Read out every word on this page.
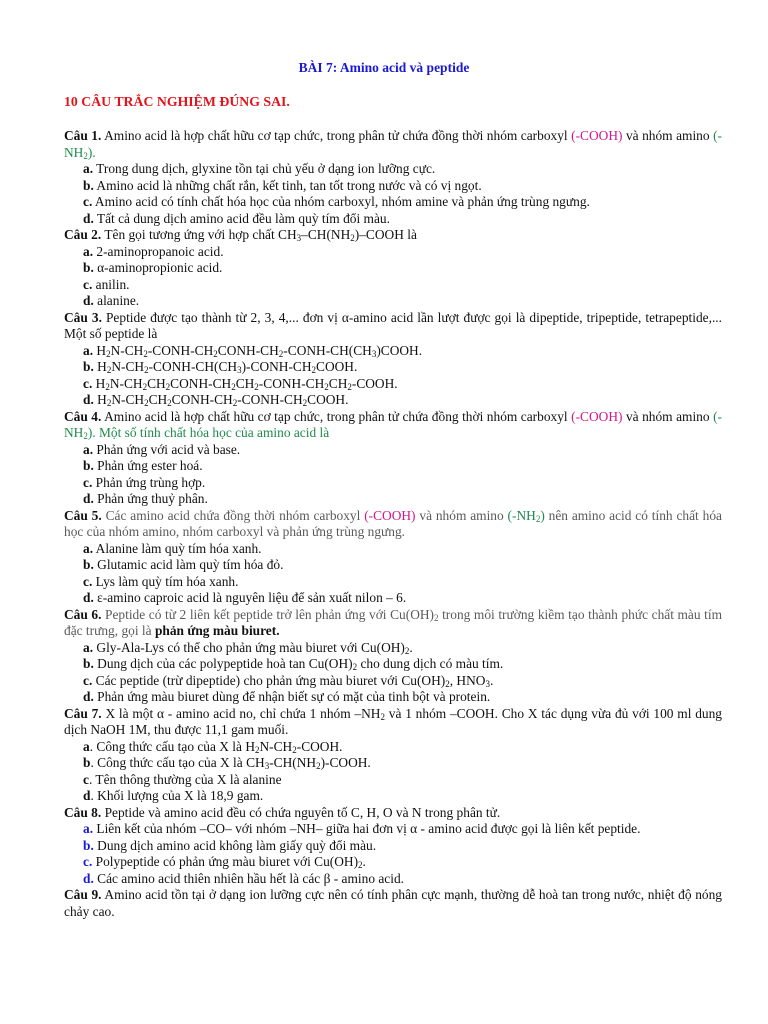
BÀI 7: Amino acid và peptide
10 CÂU TRẮC NGHIỆM ĐÚNG SAI.

Câu 1. Amino acid là hợp chất hữu cơ tạp chức, trong phân tử chứa đồng thời nhóm carboxyl (-COOH) và nhóm amino $(-NH_2)$.

a. Trong dung dịch, glyxine tồn tại chủ yếu ở dạng ion lưỡng cực.

b. Amino acid là những chất rắn, kết tinh, tan tốt trong nước và có vị ngọt.

c. Amino acid có tính chất hóa học của nhóm carboxyl, nhóm amine và phản ứng trùng ngưng.

d. Tất cả dung dịch amino acid đều làm quỳ tím đổi màu.

Câu 2. Tên gọi tương ứng với hợp chất $CH_3-CH(NH_2)$–COOH là

a. 2-aminopropanoic acid.

b. α-aminopropionic acid.

c. anilin.

d. alanine.

Câu 3. Peptide được tạo thành từ 2, 3, 4,... đơn vị α-amino acid lần lượt được gọi là dipeptide, tripeptide, tetrapeptide,... Một số peptide là

a. $H_2N-CH_2-CONH-CH_2CONH-CH_2-CONH-CH(CH_3)COOH$.

b. $H_2N-CH_2-CONH-CH(CH_3)-CONH-CH_2COOH$.

c. $H_2N-CH_2CH_2CONH-CH_2CH_2-CONH-CH_2CH_2$-COOH.

d. $H_2N-CH_2CH_2CONH-CH_2-CONH-CH_2COOH$.

Câu 4. Amino acid là hợp chất hữu cơ tạp chức, trong phân tử chứa đồng thời nhóm carboxyl (-COOH) và nhóm amino $(-NH_2)$. Một số tính chất hóa học của amino acid là

a. Phản ứng với acid và base.

b. Phản ứng ester hoá.

c. Phản ứng trùng hợp.

d. Phản ứng thuỷ phân.

Câu 5. Các amino acid chứa đồng thời nhóm carboxyl (-COOH) và nhóm amino $(-NH_2)$ nên amino acid có tính chất hóa học của nhóm amino, nhóm carboxyl và phản ứng trùng ngưng.

a. Alanine làm quỳ tím hóa xanh.

b. Glutamic acid làm quỳ tím hóa đỏ.

c. Lys làm quỳ tím hóa xanh.

d. ε-amino caproic acid là nguyên liệu để sản xuất nilon – 6.

Câu 6. Peptide có từ 2 liên kết peptide trở lên phản ứng với $Cu(OH)_2$ trong môi trường kiềm tạo thành phức chất màu tím đặc trưng, gọi là phản ứng màu biuret.

a. Gly-Ala-Lys có thể cho phản ứng màu biuret với $Cu(OH)_2$.

b. Dung dịch của các polypeptide hoà $\tan Cu(OH)_2$ cho dung dịch có màu tím.

c. Các peptide (trừ dipeptide) cho phản ứng màu biuret với $Cu(OH)_2$, $HNO_3$.

d. Phản ứng màu biuret dùng để nhận biết sự có mặt của tinh bột và protein.

Câu 7. X là một α - amino acid no, chỉ chứa 1 nhóm $-NH_2$ và 1 nhóm –COOH. Cho X tác dụng vừa đủ với 100 ml dung dịch NaOH 1M, thu được 11,1 gam muối.

a. Công thức cấu tạo của X là $H_2N-CH_2$-COOH.

b. Công thức cấu tạo của X là $CH_3-CH(NH_2)$-COOH.

c. Tên thông thường của X là alanine

d. Khối lượng của X là 18,9 gam.

Câu 8. Peptide và amino acid đều có chứa nguyên tố C, H, O và N trong phân tử.

a. Liên kết của nhóm –CO– với nhóm –NH– giữa hai đơn vị α - amino acid được gọi là liên kết peptide.

b. Dung dịch amino acid không làm giấy quỳ đổi màu.

c. Polypeptide có phản ứng màu biuret với $Cu(OH)_2$.

d. Các amino acid thiên nhiên hầu hết là các β - amino acid.

Câu 9. Amino acid tồn tại ở dạng ion lưỡng cực nên có tính phân cực mạnh, thường dễ hoà tan trong nước, nhiệt độ nóng chảy cao.
